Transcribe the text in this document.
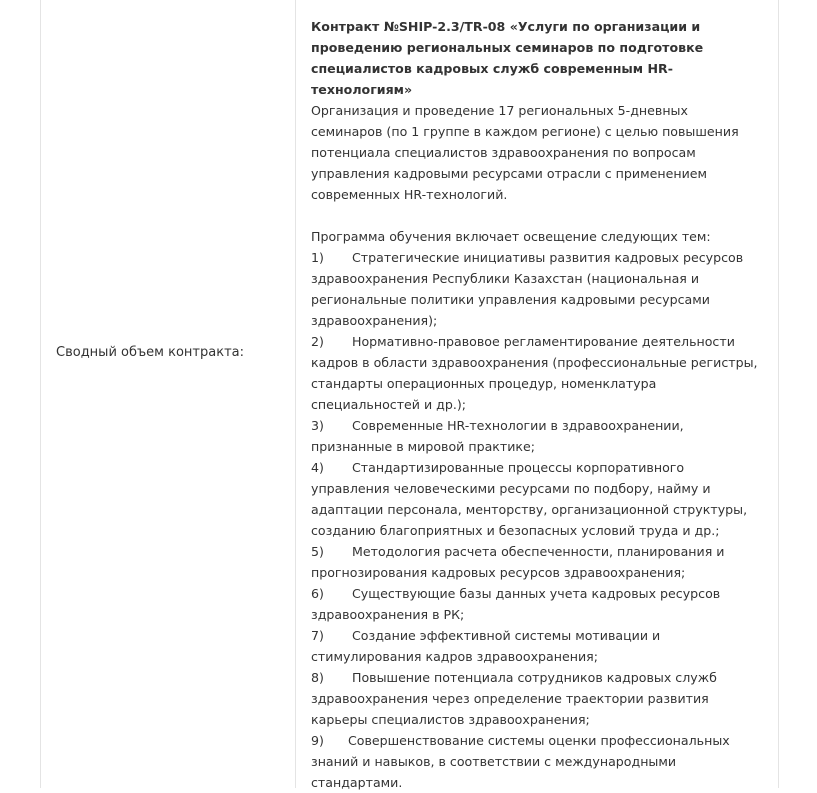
Сводный объем контракта:

Контракт №SHIP-2.3/TR-08 «Услуги по организации и проведению региональных семинаров по подготовке специалистов кадровых служб современным HR-технологиям»

Организация и проведение 17 региональных 5-дневных семинаров (по 1 группе в каждом регионе) с целью повышения потенциала специалистов здравоохранения по вопросам управления кадровыми ресурсами отрасли с применением современных HR-технологий.

Программа обучения включает освещение следующих тем:

1) Стратегические инициативы развития кадровых ресурсов здравоохранения Республики Казахстан (национальная и региональные политики управления кадровыми ресурсами здравоохранения);

2) Нормативно-правовое регламентирование деятельности кадров в области здравоохранения (профессиональные регистры, стандарты операционных процедур, номенклатура специальностей и др.);

3) Современные HR-технологии в здравоохранении, признанные в мировой практике;

4) Стандартизированные процессы корпоративного управления человеческими ресурсами по подбору, найму и адаптации персонала, менторству, организационной структуры, созданию благоприятных и безопасных условий труда и др.;

5) Методология расчета обеспеченности, планирования и прогнозирования кадровых ресурсов здравоохранения;

6) Существующие базы данных учета кадровых ресурсов здравоохранения в РК;

7) Создание эффективной системы мотивации и стимулирования кадров здравоохранения;

8) Повышение потенциала сотрудников кадровых служб здравоохранения через определение траектории развития карьеры специалистов здравоохранения;

9) Совершенствование системы оценки профессиональных знаний и навыков, в соответствии с международными стандартами.
